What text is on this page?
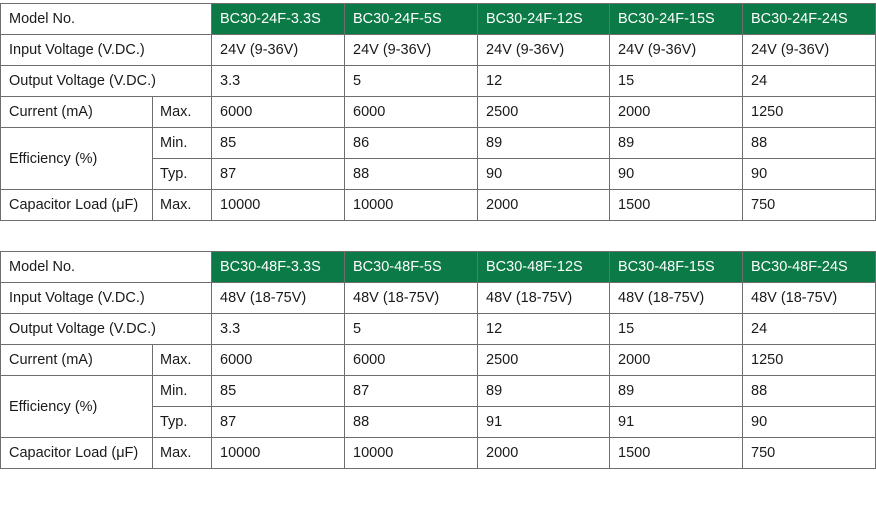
Model No.		BC30-24F-3.3S	BC30-24F-5S	BC30-24F-12S	BC30-24F-15S	BC30-24F-24S
Input Voltage (V.DC.)		24V (9-36V)	24V (9-36V)	24V (9-36V)	24V (9-36V)	24V (9-36V)
Output Voltage (V.DC.)		3.3	5	12	15	24
Current (mA)	Max.	6000	6000	2500	2000	1250
Efficiency (%)	Min.	85	86	89	89	88
	Typ.	87	88	90	90	90
Capacitor Load (μF)	Max.	10000	10000	2000	1500	750
Model No.		BC30-48F-3.3S	BC30-48F-5S	BC30-48F-12S	BC30-48F-15S	BC30-48F-24S
Input Voltage (V.DC.)		48V (18-75V)	48V (18-75V)	48V (18-75V)	48V (18-75V)	48V (18-75V)
Output Voltage (V.DC.)		3.3	5	12	15	24
Current (mA)	Max.	6000	6000	2500	2000	1250
Efficiency (%)	Min.	85	87	89	89	88
	Typ.	87	88	91	91	90
Capacitor Load (μF)	Max.	10000	10000	2000	1500	750
